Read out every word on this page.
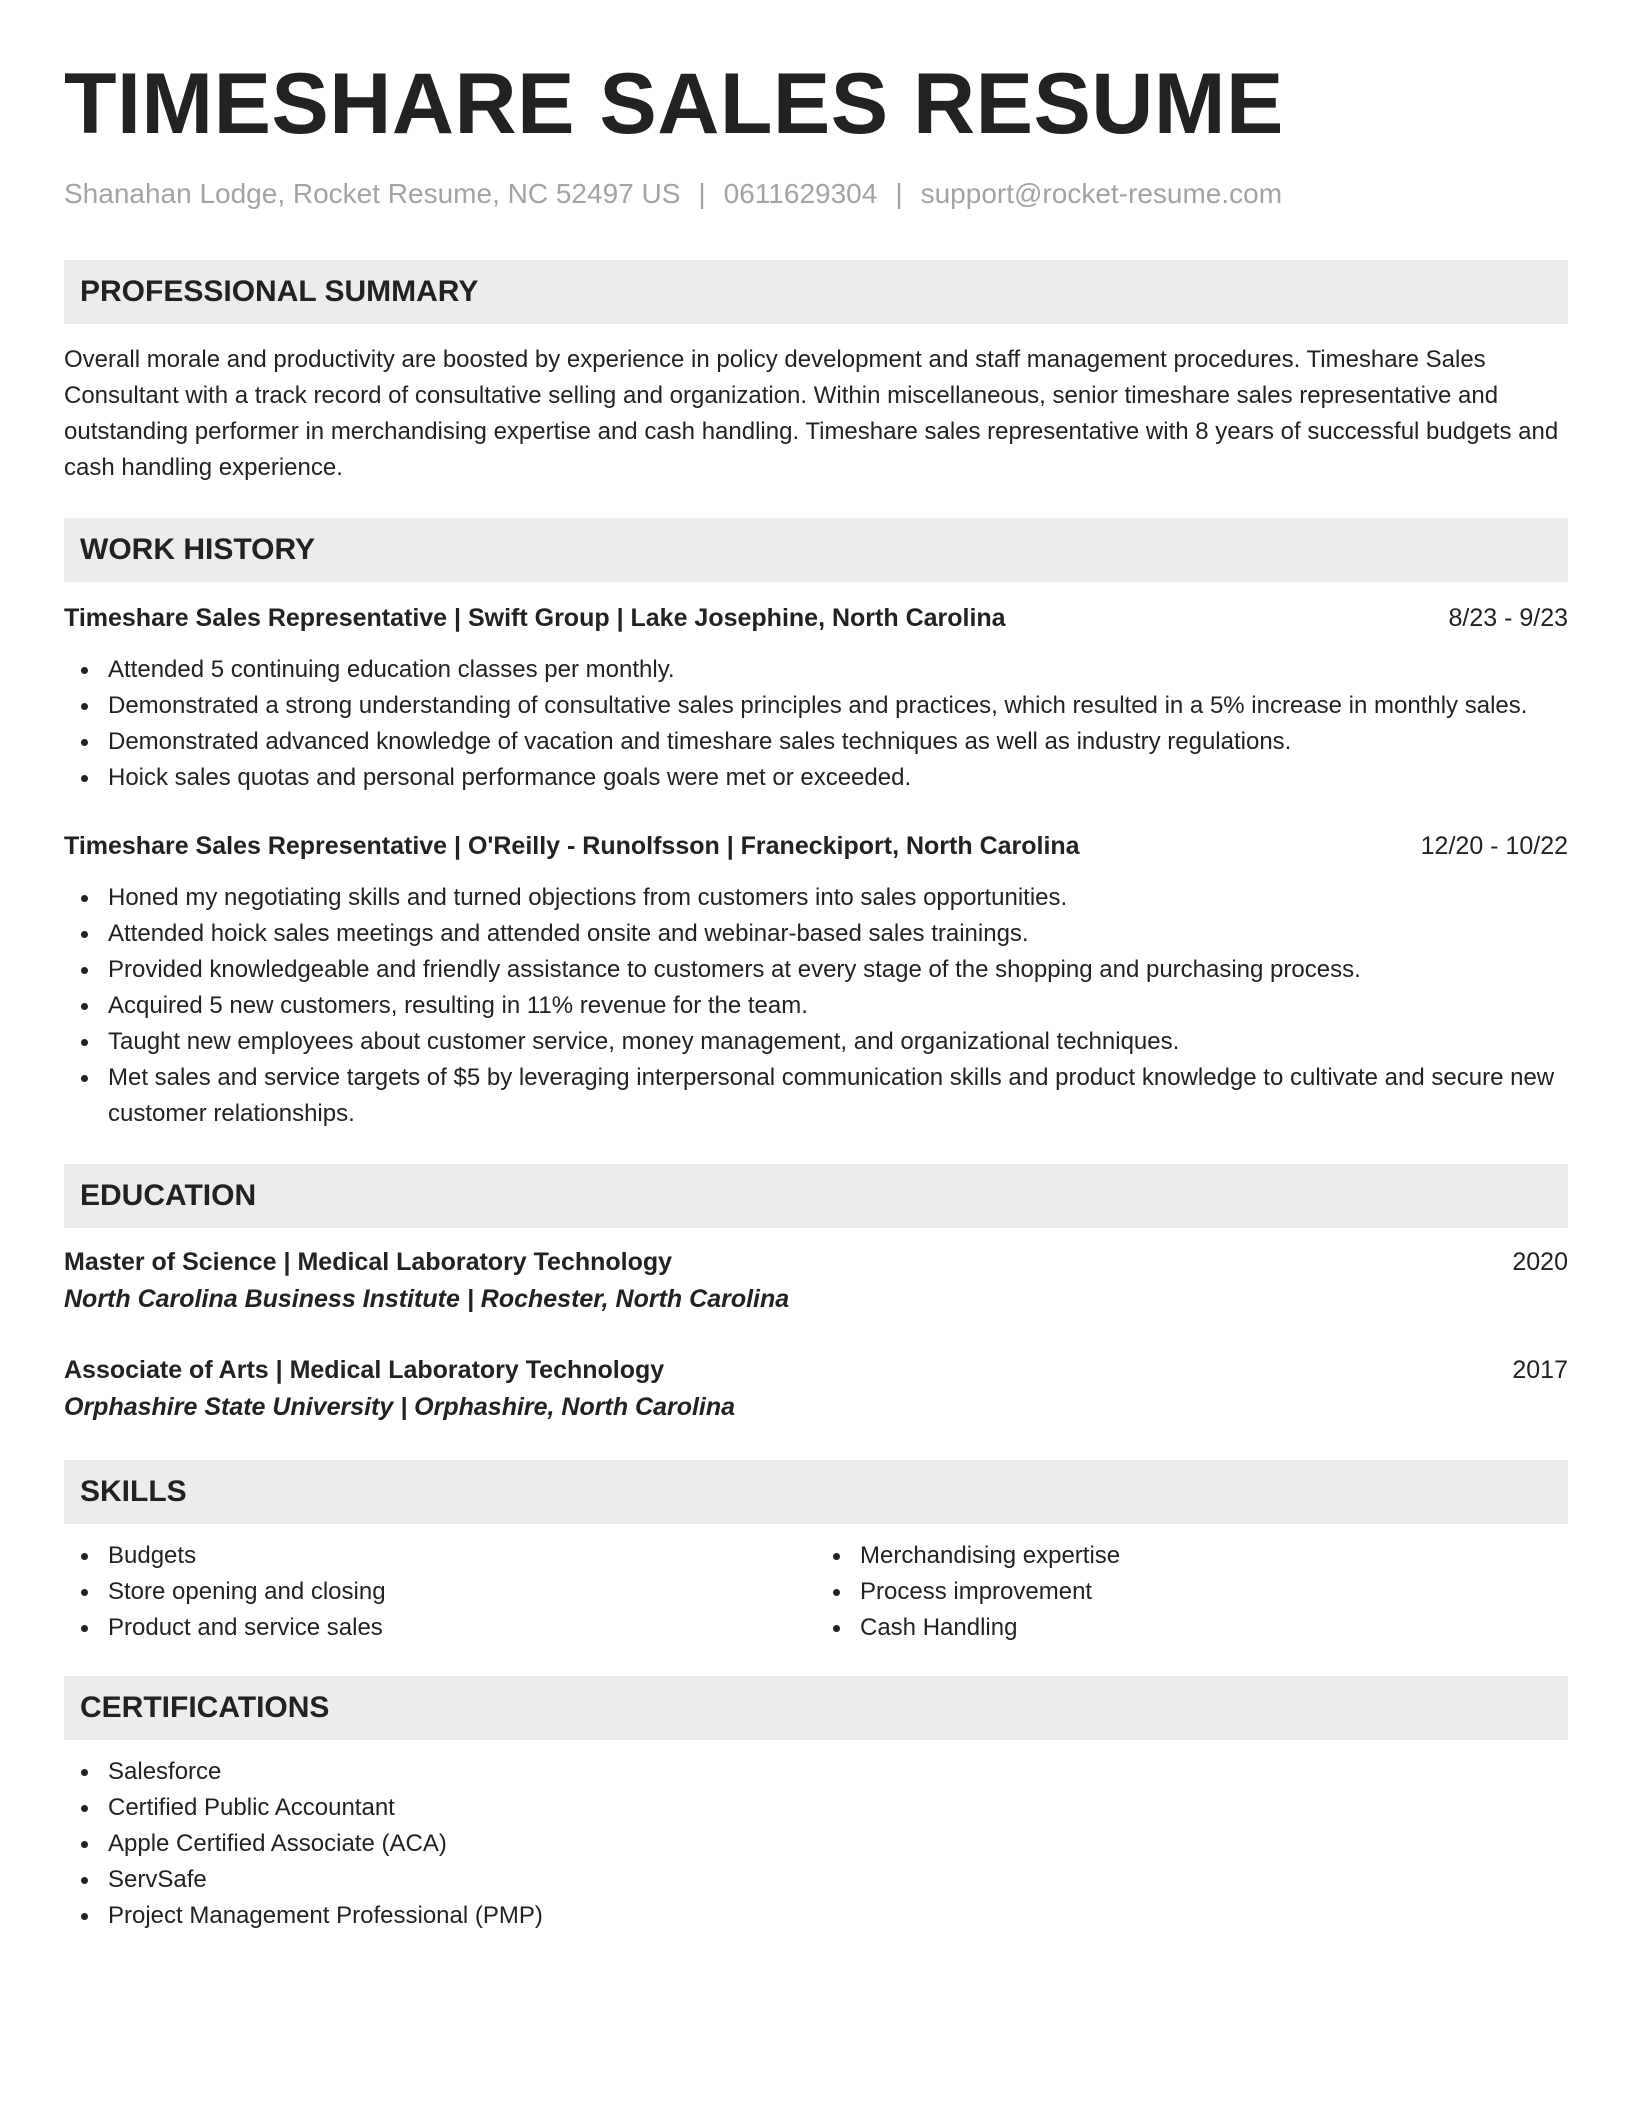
TIMESHARE SALES RESUME
Shanahan Lodge, Rocket Resume, NC 52497 US | 0611629304 | support@rocket-resume.com
PROFESSIONAL SUMMARY

Overall morale and productivity are boosted by experience in policy development and staff management procedures. Timeshare Sales Consultant with a track record of consultative selling and organization. Within miscellaneous, senior timeshare sales representative and outstanding performer in merchandising expertise and cash handling. Timeshare sales representative with 8 years of successful budgets and cash handling experience.

WORK HISTORY
Timeshare Sales Representative | Swift Group | Lake Josephine, North Carolina	8/23 - 9/23
Attended 5 continuing education classes per monthly.
Demonstrated a strong understanding of consultative sales principles and practices, which resulted in a 5% increase in monthly sales.
Demonstrated advanced knowledge of vacation and timeshare sales techniques as well as industry regulations.
Hoick sales quotas and personal performance goals were met or exceeded.
Timeshare Sales Representative | O'Reilly - Runolfsson | Franeckiport, North Carolina	12/20 - 10/22
Honed my negotiating skills and turned objections from customers into sales opportunities.
Attended hoick sales meetings and attended onsite and webinar-based sales trainings.
Provided knowledgeable and friendly assistance to customers at every stage of the shopping and purchasing process.
Acquired 5 new customers, resulting in 11% revenue for the team.
Taught new employees about customer service, money management, and organizational techniques.
Met sales and service targets of $5 by leveraging interpersonal communication skills and product knowledge to cultivate and secure new customer relationships.
EDUCATION
Master of Science | Medical Laboratory Technology	2020
North Carolina Business Institute | Rochester, North Carolina
Associate of Arts | Medical Laboratory Technology	2017
Orphashire State University | Orphashire, North Carolina
SKILLS
Budgets
Store opening and closing
Product and service sales
Merchandising expertise
Process improvement
Cash Handling
CERTIFICATIONS
Salesforce
Certified Public Accountant
Apple Certified Associate (ACA)
ServSafe
Project Management Professional (PMP)
